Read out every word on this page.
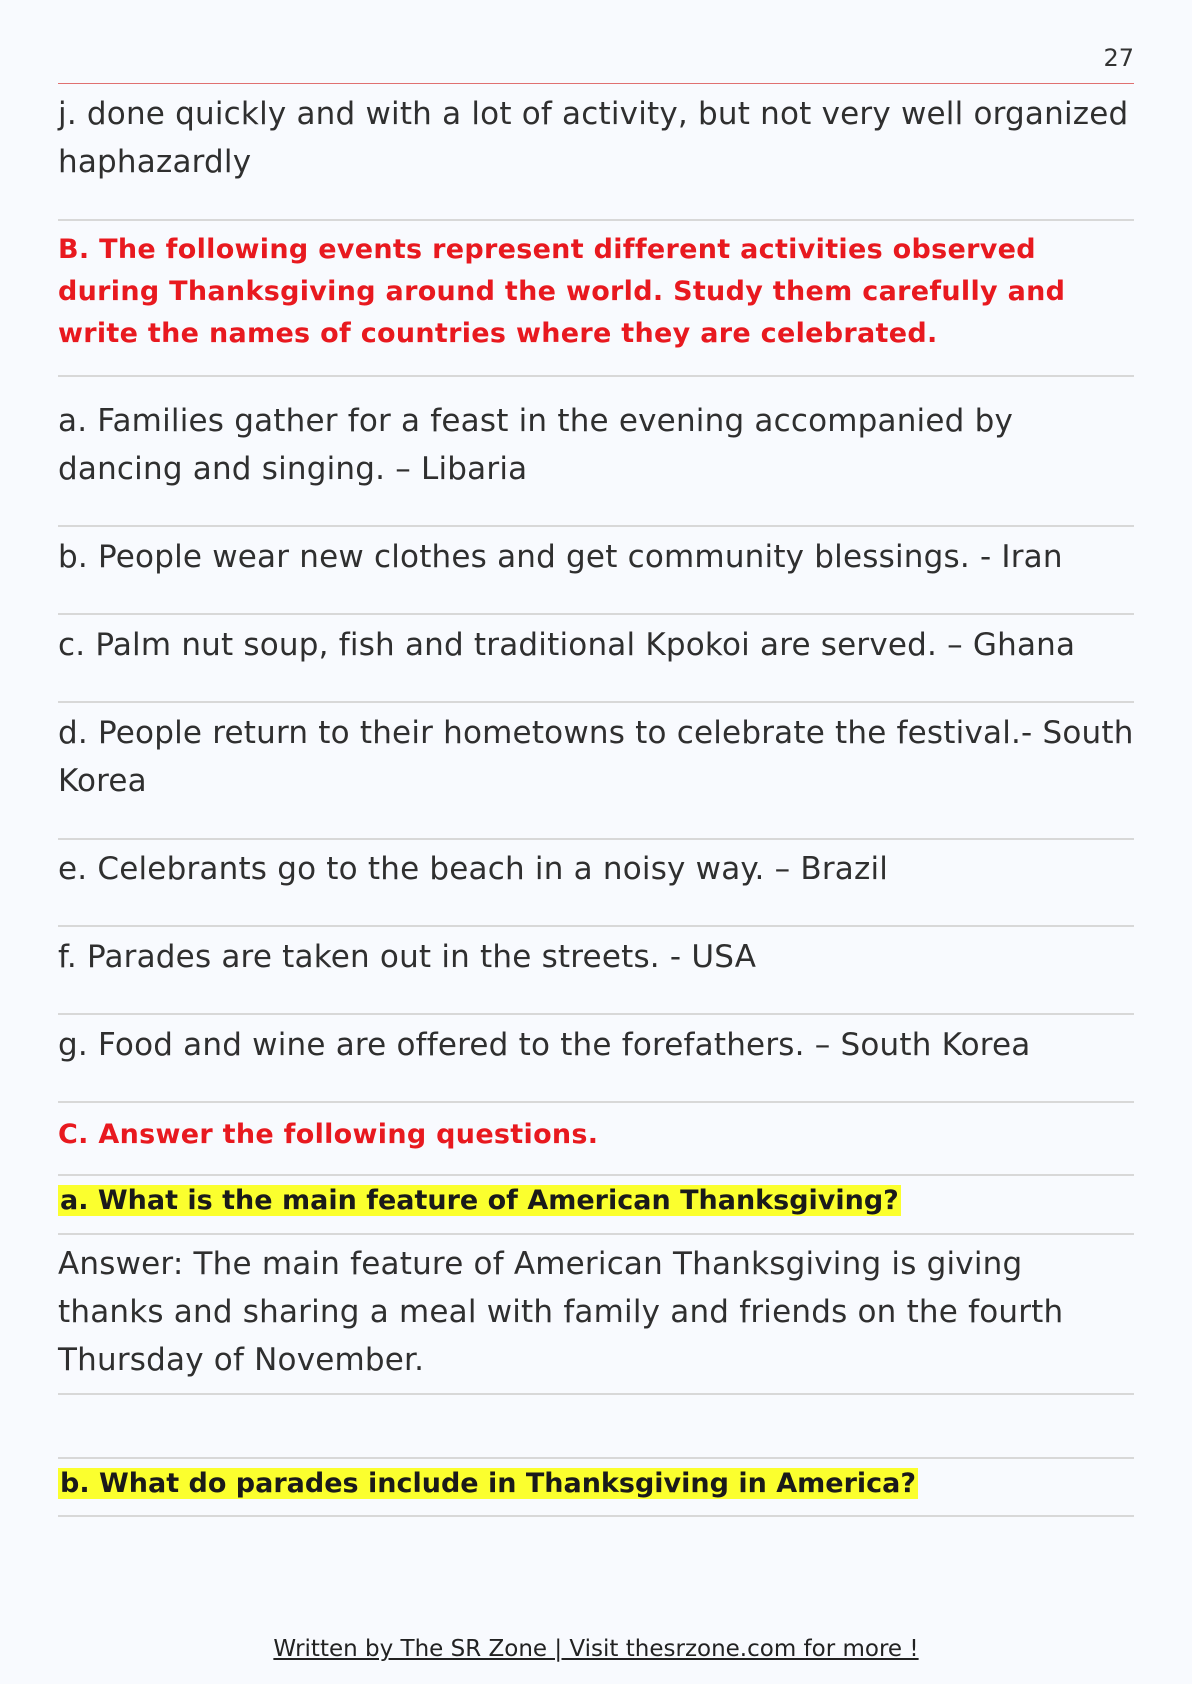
27

j. done quickly and with a lot of activity, but not very well organized haphazardly

B. The following events represent different activities observed during Thanksgiving around the world. Study them carefully and write the names of countries where they are celebrated.

a. Families gather for a feast in the evening accompanied by dancing and singing. – Libaria

b. People wear new clothes and get community blessings. - Iran

c. Palm nut soup, fish and traditional Kpokoi are served. – Ghana

d. People return to their hometowns to celebrate the festival.- South Korea

e. Celebrants go to the beach in a noisy way. – Brazil

f. Parades are taken out in the streets. - USA

g. Food and wine are offered to the forefathers. – South Korea

C. Answer the following questions.

a. What is the main feature of American Thanksgiving?

Answer: The main feature of American Thanksgiving is giving thanks and sharing a meal with family and friends on the fourth Thursday of November.

b. What do parades include in Thanksgiving in America?

Written by The SR Zone | Visit thesrzone.com for more !
